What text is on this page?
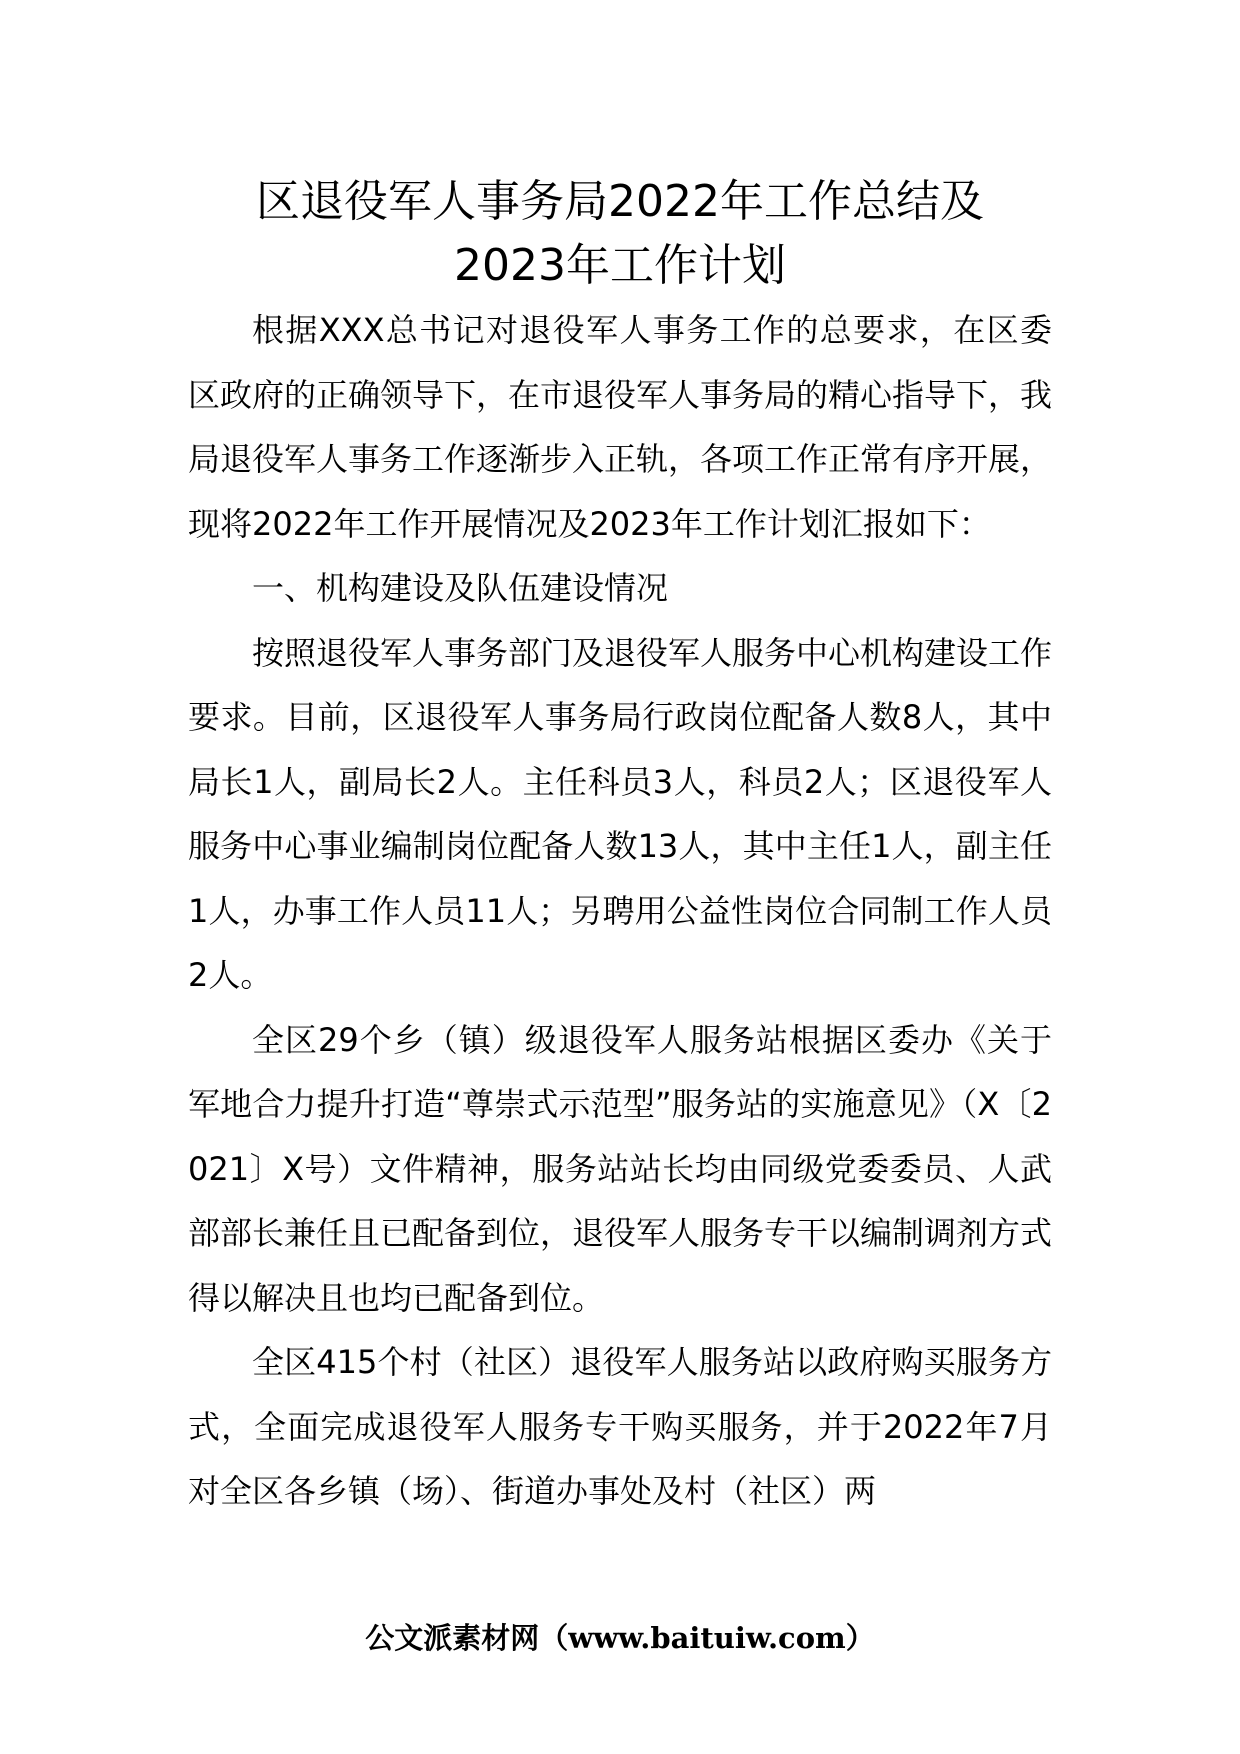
区退役军人事务局2022年工作总结及
2023年工作计划

根据XXX总书记对退役军人事务工作的总要求，在区委区政府的正确领导下，在市退役军人事务局的精心指导下，我局退役军人事务工作逐渐步入正轨，各项工作正常有序开展，现将2022年工作开展情况及2023年工作计划汇报如下：

一、机构建设及队伍建设情况

按照退役军人事务部门及退役军人服务中心机构建设工作要求。目前，区退役军人事务局行政岗位配备人数8人，其中局长1人，副局长2人。主任科员3人，科员2人；区退役军人服务中心事业编制岗位配备人数13人，其中主任1人，副主任1人，办事工作人员11人；另聘用公益性岗位合同制工作人员2人。

全区29个乡（镇）级退役军人服务站根据区委办《关于军地合力提升打造“尊崇式示范型”服务站的实施意见》（X〔2021〕X号）文件精神，服务站站长均由同级党委委员、人武部部长兼任且已配备到位，退役军人服务专干以编制调剂方式得以解决且也均已配备到位。

全区415个村（社区）退役军人服务站以政府购买服务方式，全面完成退役军人服务专干购买服务，并于2022年7月对全区各乡镇（场）、街道办事处及村（社区）两

公文派素材网（www.baituiw.com）
